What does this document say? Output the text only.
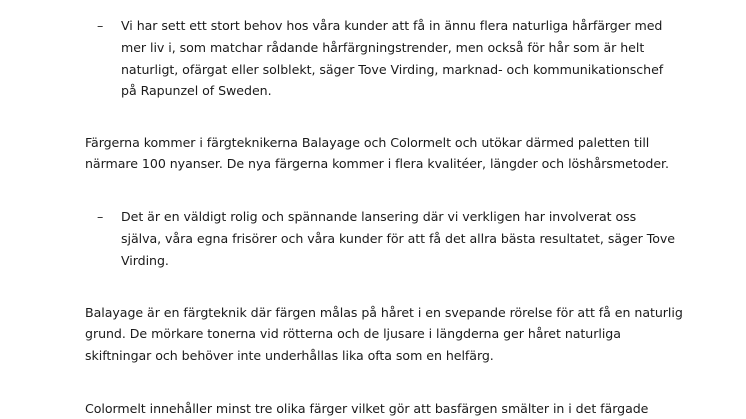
– Vi har sett ett stort behov hos våra kunder att få in ännu flera naturliga hårfärger med
mer liv i, som matchar rådande hårfärgningstrender, men också för hår som är helt
naturligt, ofärgat eller solblekt, säger Tove Virding, marknad- och kommunikationschef
på Rapunzel of Sweden.
Färgerna kommer i färgteknikerna Balayage och Colormelt och utökar därmed paletten till
närmare 100 nyanser. De nya färgerna kommer i flera kvalitéer, längder och löshårsmetoder.
– Det är en väldigt rolig och spännande lansering där vi verkligen har involverat oss
själva, våra egna frisörer och våra kunder för att få det allra bästa resultatet, säger Tove
Virding.
Balayage är en färgteknik där färgen målas på håret i en svepande rörelse för att få en naturlig
grund. De mörkare tonerna vid rötterna och de ljusare i längderna ger håret naturliga
skiftningar och behöver inte underhållas lika ofta som en helfärg.
Colormelt innehåller minst tre olika färger vilket gör att basfärgen smälter in i det färgade
